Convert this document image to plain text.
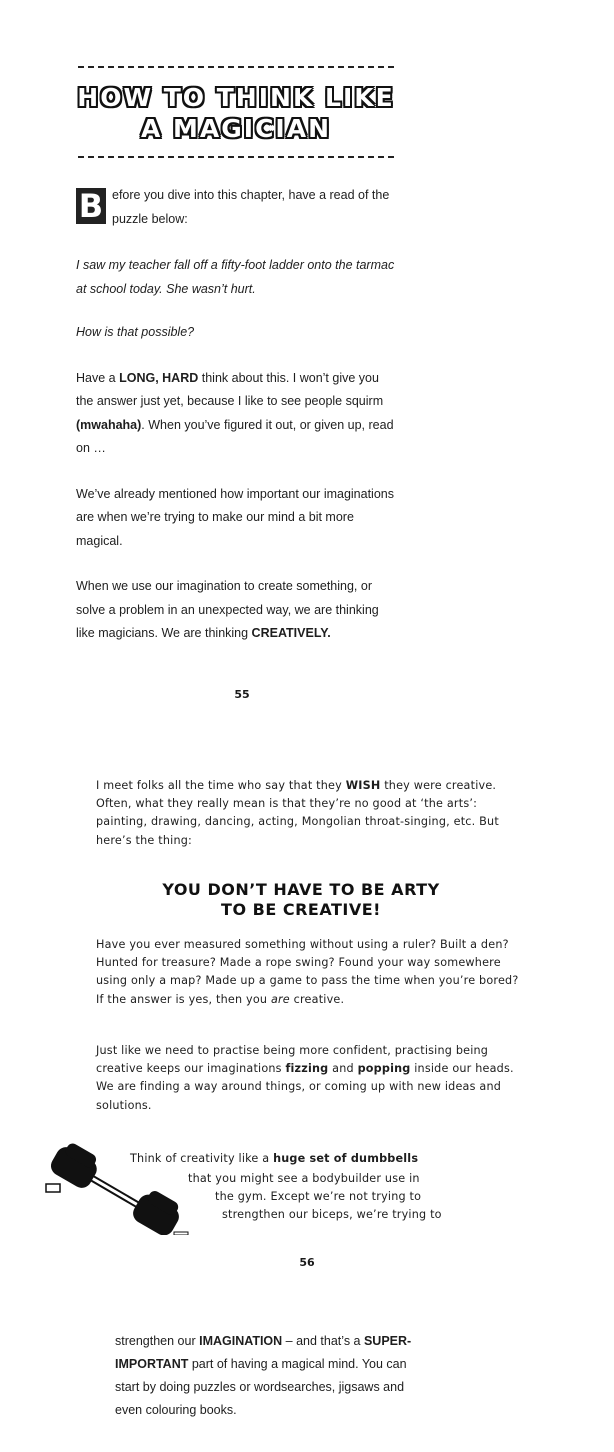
HOW TO THINK LIKE
A MAGICIAN

B efore you dive into this chapter, have a read of the puzzle below:

I saw my teacher fall off a fifty-foot ladder onto the tarmac at school today. She wasn’t hurt.

How is that possible?

Have a LONG, HARD think about this. I won’t give you the answer just yet, because I like to see people squirm (mwahaha). When you’ve figured it out, or given up, read on …

We’ve already mentioned how important our imaginations are when we’re trying to make our mind a bit more magical.

When we use our imagination to create something, or solve a problem in an unexpected way, we are thinking like magicians. We are thinking CREATIVELY.

55

I meet folks all the time who say that they WISH they were creative. Often, what they really mean is that they’re no good at ‘the arts’: painting, drawing, dancing, acting, Mongolian throat-singing, etc. But here’s the thing:

YOU DON’T HAVE TO BE ARTY
TO BE CREATIVE!

Have you ever measured something without using a ruler? Built a den? Hunted for treasure? Made a rope swing? Found your way somewhere using only a map? Made up a game to pass the time when you’re bored? If the answer is yes, then you are creative.

Just like we need to practise being more confident, practising being creative keeps our imaginations fizzing and popping inside our heads. We are finding a way around things, or coming up with new ideas and solutions.

Think of creativity like a huge set of dumbbells
that you might see a bodybuilder use in
the gym. Except we’re not trying to
strengthen our biceps, we’re trying to
56
strengthen our IMAGINATION – and that’s a SUPER-IMPORTANT part of having a magical mind. You can start by doing puzzles or wordsearches, jigsaws and even colouring books.
